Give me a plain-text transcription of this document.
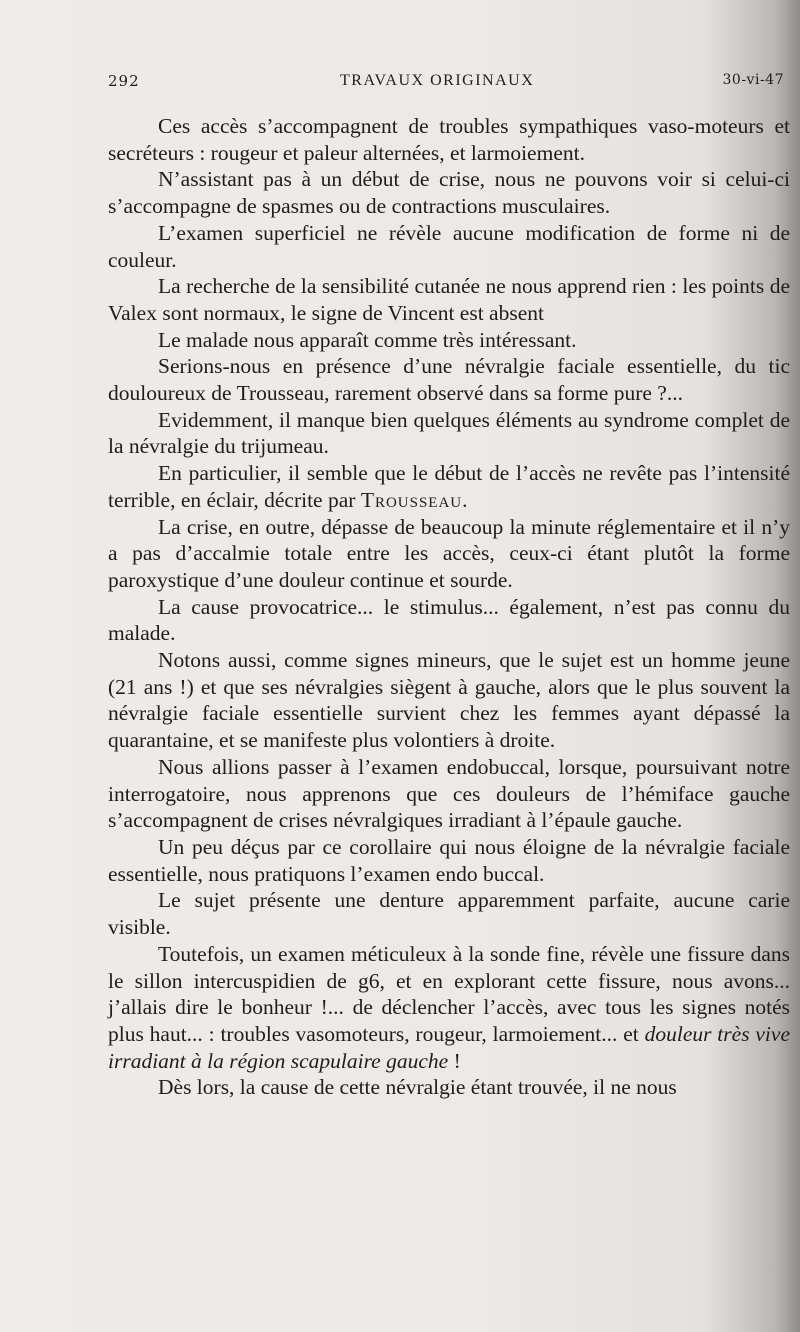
292	TRAVAUX ORIGINAUX	30-vi-47

Ces accès s’accompagnent de troubles sympathiques vaso-moteurs et secréteurs : rougeur et paleur alternées, et larmoiement.

N’assistant pas à un début de crise, nous ne pouvons voir si celui-ci s’accompagne de spasmes ou de contractions musculaires.

L’examen superficiel ne révèle aucune modification de forme ni de couleur.

La recherche de la sensibilité cutanée ne nous apprend rien : les points de Valex sont normaux, le signe de Vincent est absent

Le malade nous apparaît comme très intéressant.

Serions-nous en présence d’une névralgie faciale essentielle, du tic douloureux de Trousseau, rarement observé dans sa forme pure ?...

Evidemment, il manque bien quelques éléments au syndrome complet de la névralgie du trijumeau.

En particulier, il semble que le début de l’accès ne revête pas l’intensité terrible, en éclair, décrite par Trousseau.

La crise, en outre, dépasse de beaucoup la minute réglementaire et il n’y a pas d’accalmie totale entre les accès, ceux-ci étant plutôt la forme paroxystique d’une douleur continue et sourde.

La cause provocatrice... le stimulus... également, n’est pas connu du malade.

Notons aussi, comme signes mineurs, que le sujet est un homme jeune (21 ans !) et que ses névralgies siègent à gauche, alors que le plus souvent la névralgie faciale essentielle survient chez les femmes ayant dépassé la quarantaine, et se manifeste plus volontiers à droite.

Nous allions passer à l’examen endobuccal, lorsque, poursuivant notre interrogatoire, nous apprenons que ces douleurs de l’hémiface gauche s’accompagnent de crises névralgiques irradiant à l’épaule gauche.

Un peu déçus par ce corollaire qui nous éloigne de la névralgie faciale essentielle, nous pratiquons l’examen endo buccal.

Le sujet présente une denture apparemment parfaite, aucune carie visible.

Toutefois, un examen méticuleux à la sonde fine, révèle une fissure dans le sillon intercuspidien de g6, et en explorant cette fissure, nous avons... j’allais dire le bonheur !... de déclencher l’accès, avec tous les signes notés plus haut... : troubles vasomoteurs, rougeur, larmoiement... et douleur très vive irradiant à la région scapulaire gauche !

Dès lors, la cause de cette névralgie étant trouvée, il ne nous
